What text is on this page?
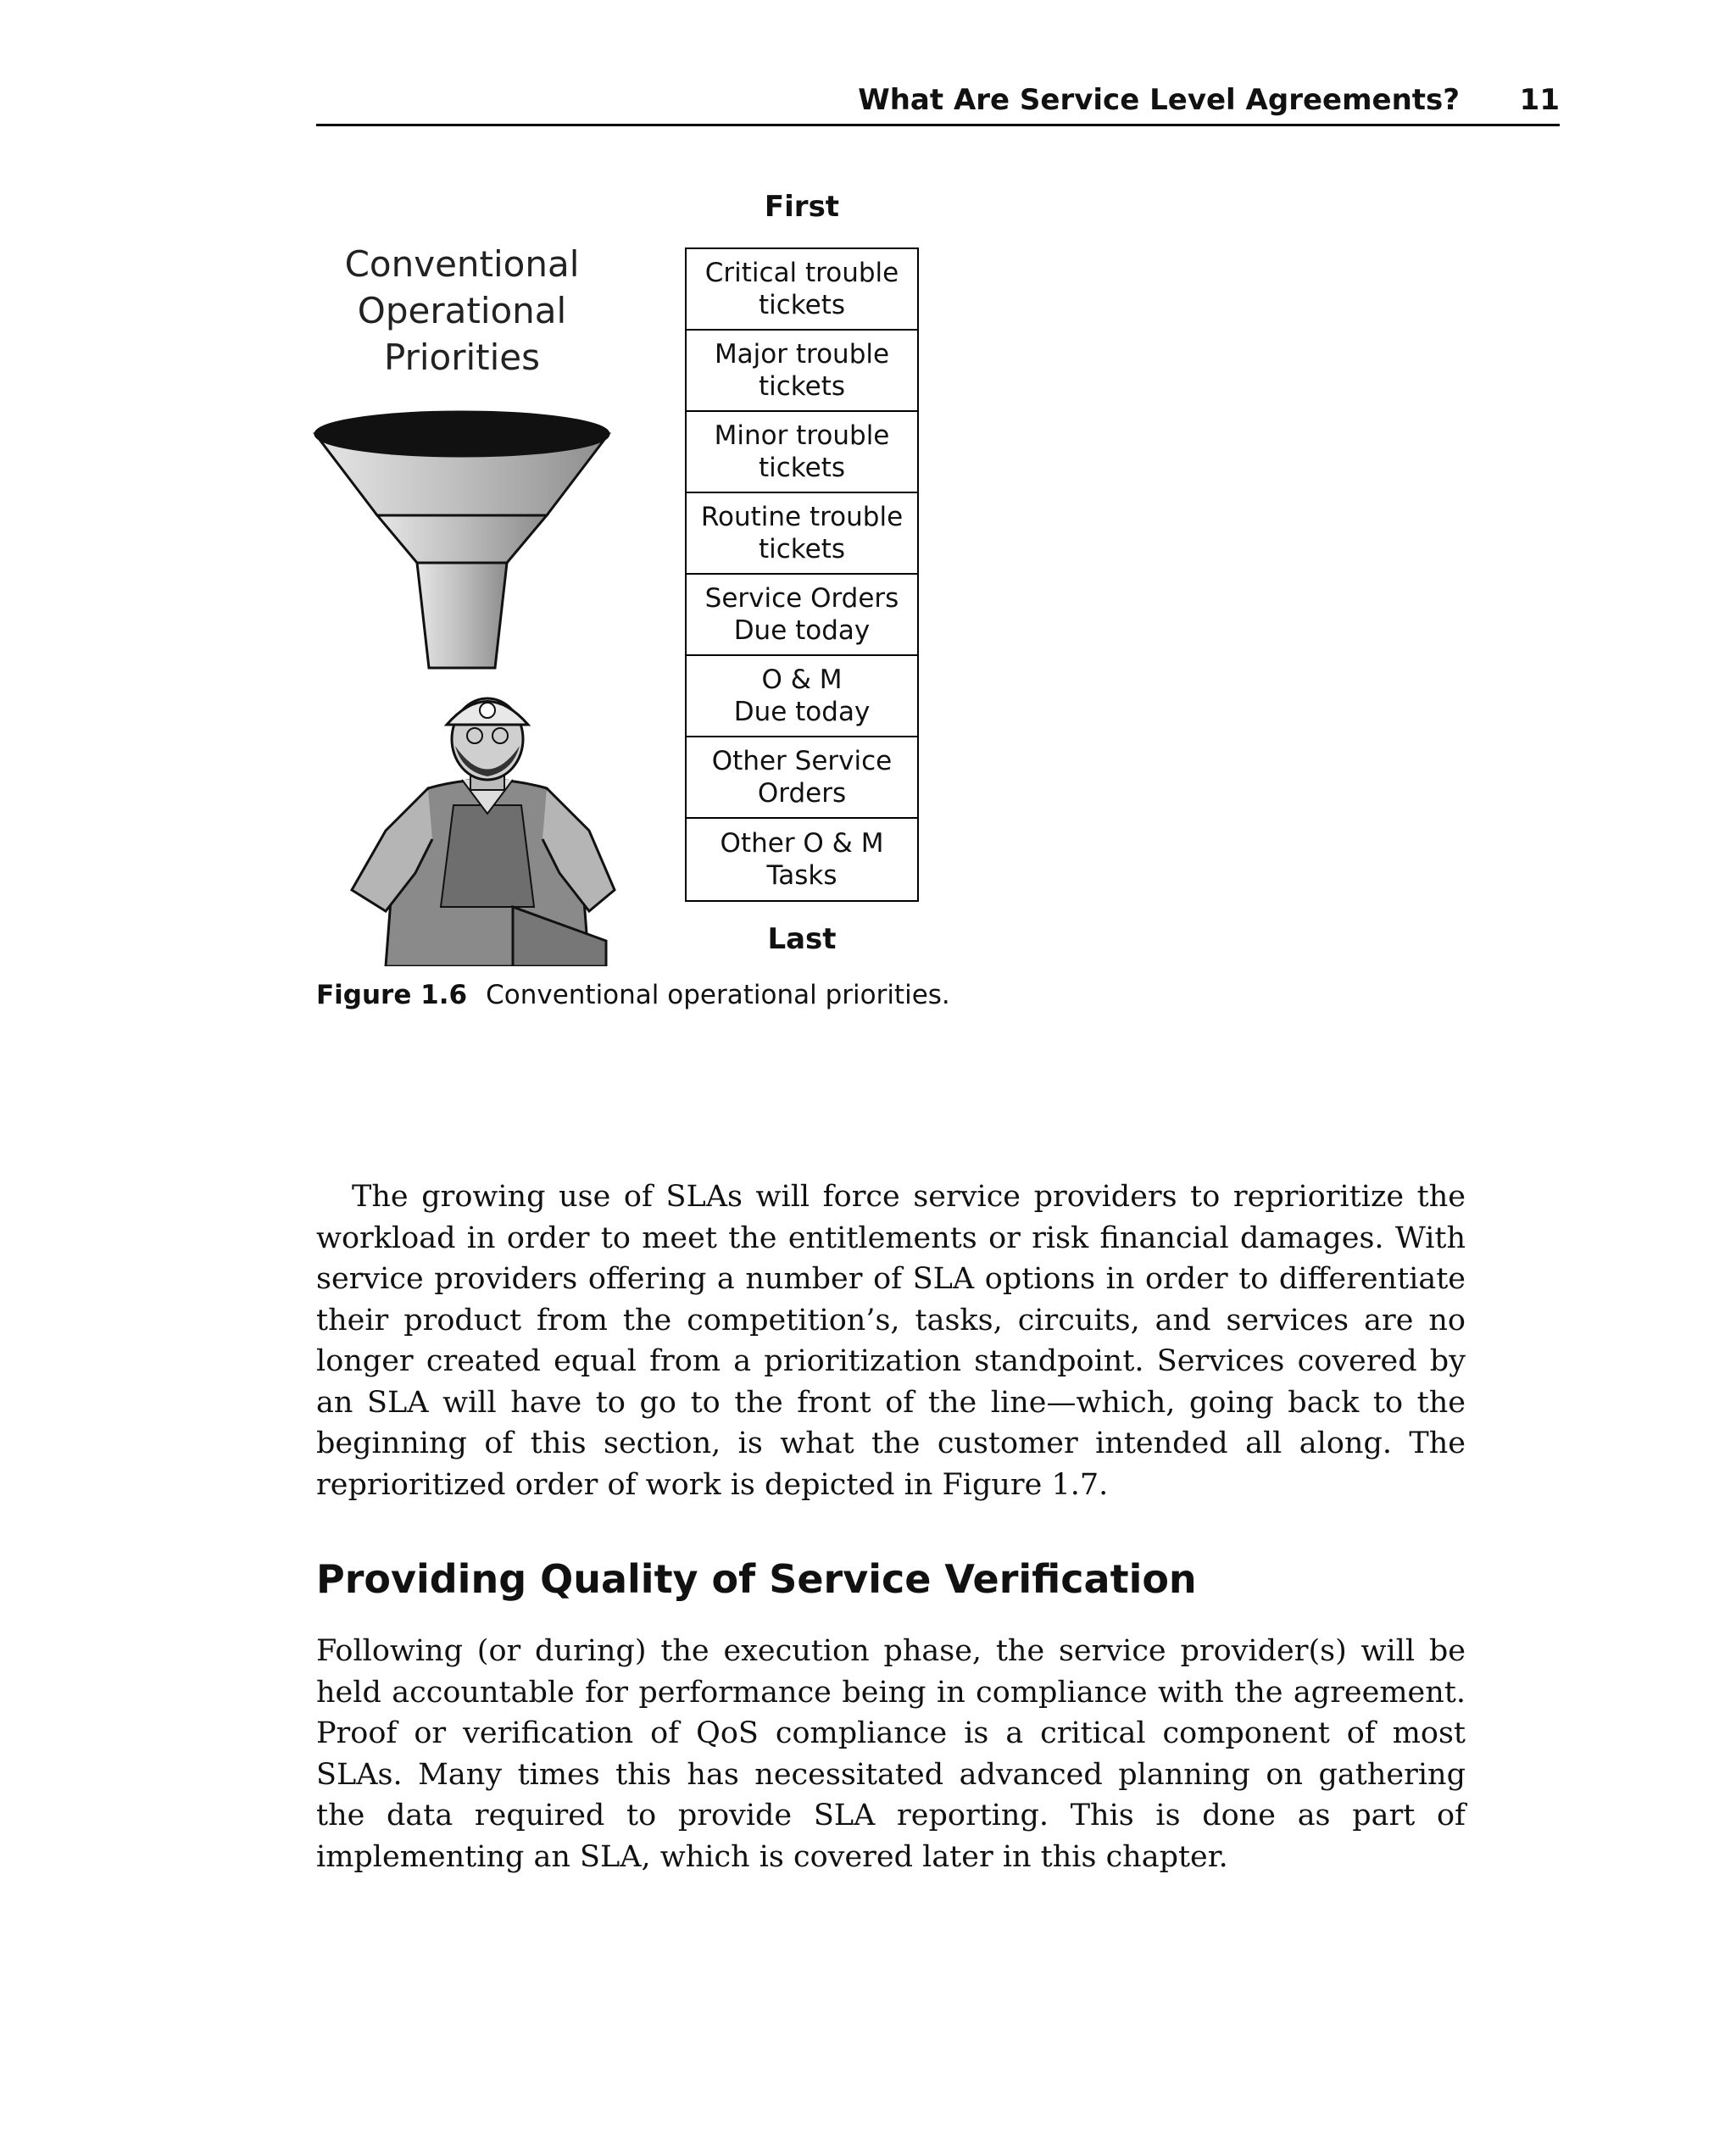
What Are Service Level Agreements? 11
Conventional
Operational
Priorities
First
Critical trouble
tickets
Major trouble
tickets
Minor trouble
tickets
Routine trouble
tickets
Service Orders
Due today
O & M
Due today
Other Service
Orders
Other O & M
Tasks
Last
Figure 1.6 Conventional operational priorities.

The growing use of SLAs will force service providers to reprioritize the workload in order to meet the entitlements or risk financial damages. With service providers offering a number of SLA options in order to differentiate their product from the competition’s, tasks, circuits, and services are no longer created equal from a prioritization standpoint. Services covered by an SLA will have to go to the front of the line—which, going back to the beginning of this section, is what the customer intended all along. The reprioritized order of work is depicted in Figure 1.7.

Providing Quality of Service Verification

Following (or during) the execution phase, the service provider(s) will be held accountable for performance being in compliance with the agreement. Proof or verification of QoS compliance is a critical component of most SLAs. Many times this has necessitated advanced planning on gathering the data required to provide SLA reporting. This is done as part of implementing an SLA, which is covered later in this chapter.
